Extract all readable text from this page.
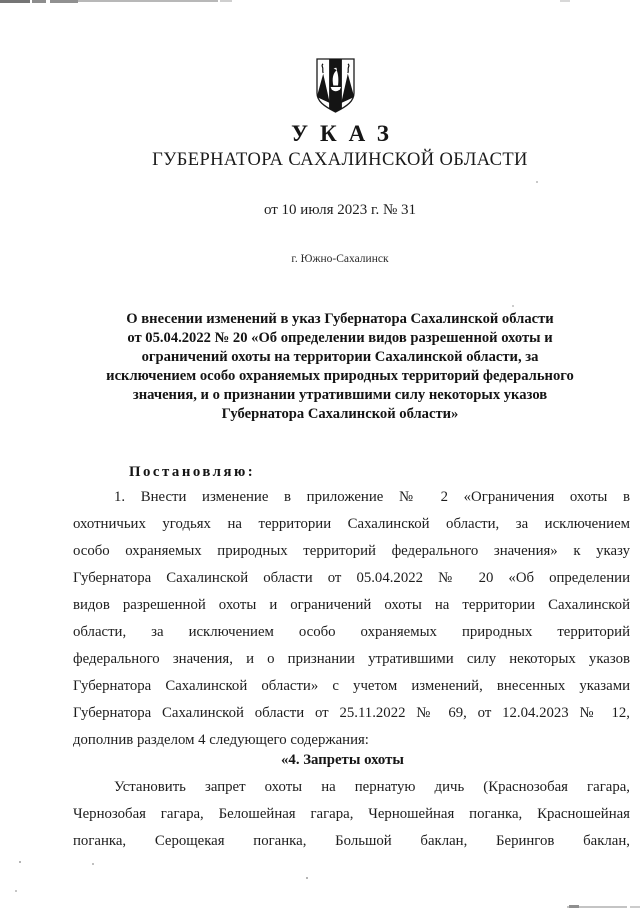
УКАЗ
ГУБЕРНАТОРА САХАЛИНСКОЙ ОБЛАСТИ
от 10 июля 2023 г. № 31
г. Южно-Сахалинск
О внесении изменений в указ Губернатора Сахалинской области
от 05.04.2022 № 20 «Об определении видов разрешенной охоты и
ограничений охоты на территории Сахалинской области, за
исключением особо охраняемых природных территорий федерального
значения, и о признании утратившими силу некоторых указов
Губернатора Сахалинской области»
Постановляю:
1. Внести изменение в приложение № 2 «Ограничения охоты в
охотничьих угодьях на территории Сахалинской области, за исключением
особо охраняемых природных территорий федерального значения» к указу
Губернатора Сахалинской области от 05.04.2022 № 20 «Об определении
видов разрешенной охоты и ограничений охоты на территории Сахалинской
области, за исключением особо охраняемых природных территорий
федерального значения, и о признании утратившими силу некоторых указов
Губернатора Сахалинской области» с учетом изменений, внесенных указами
Губернатора Сахалинской области от 25.11.2022 № 69, от 12.04.2023 № 12,
дополнив разделом 4 следующего содержания:
«4. Запреты охоты
Установить запрет охоты на пернатую дичь (Краснозобая гагара,
Чернозобая гагара, Белошейная гагара, Черношейная поганка, Красношейная
поганка, Серощекая поганка, Большой баклан, Берингов баклан,
